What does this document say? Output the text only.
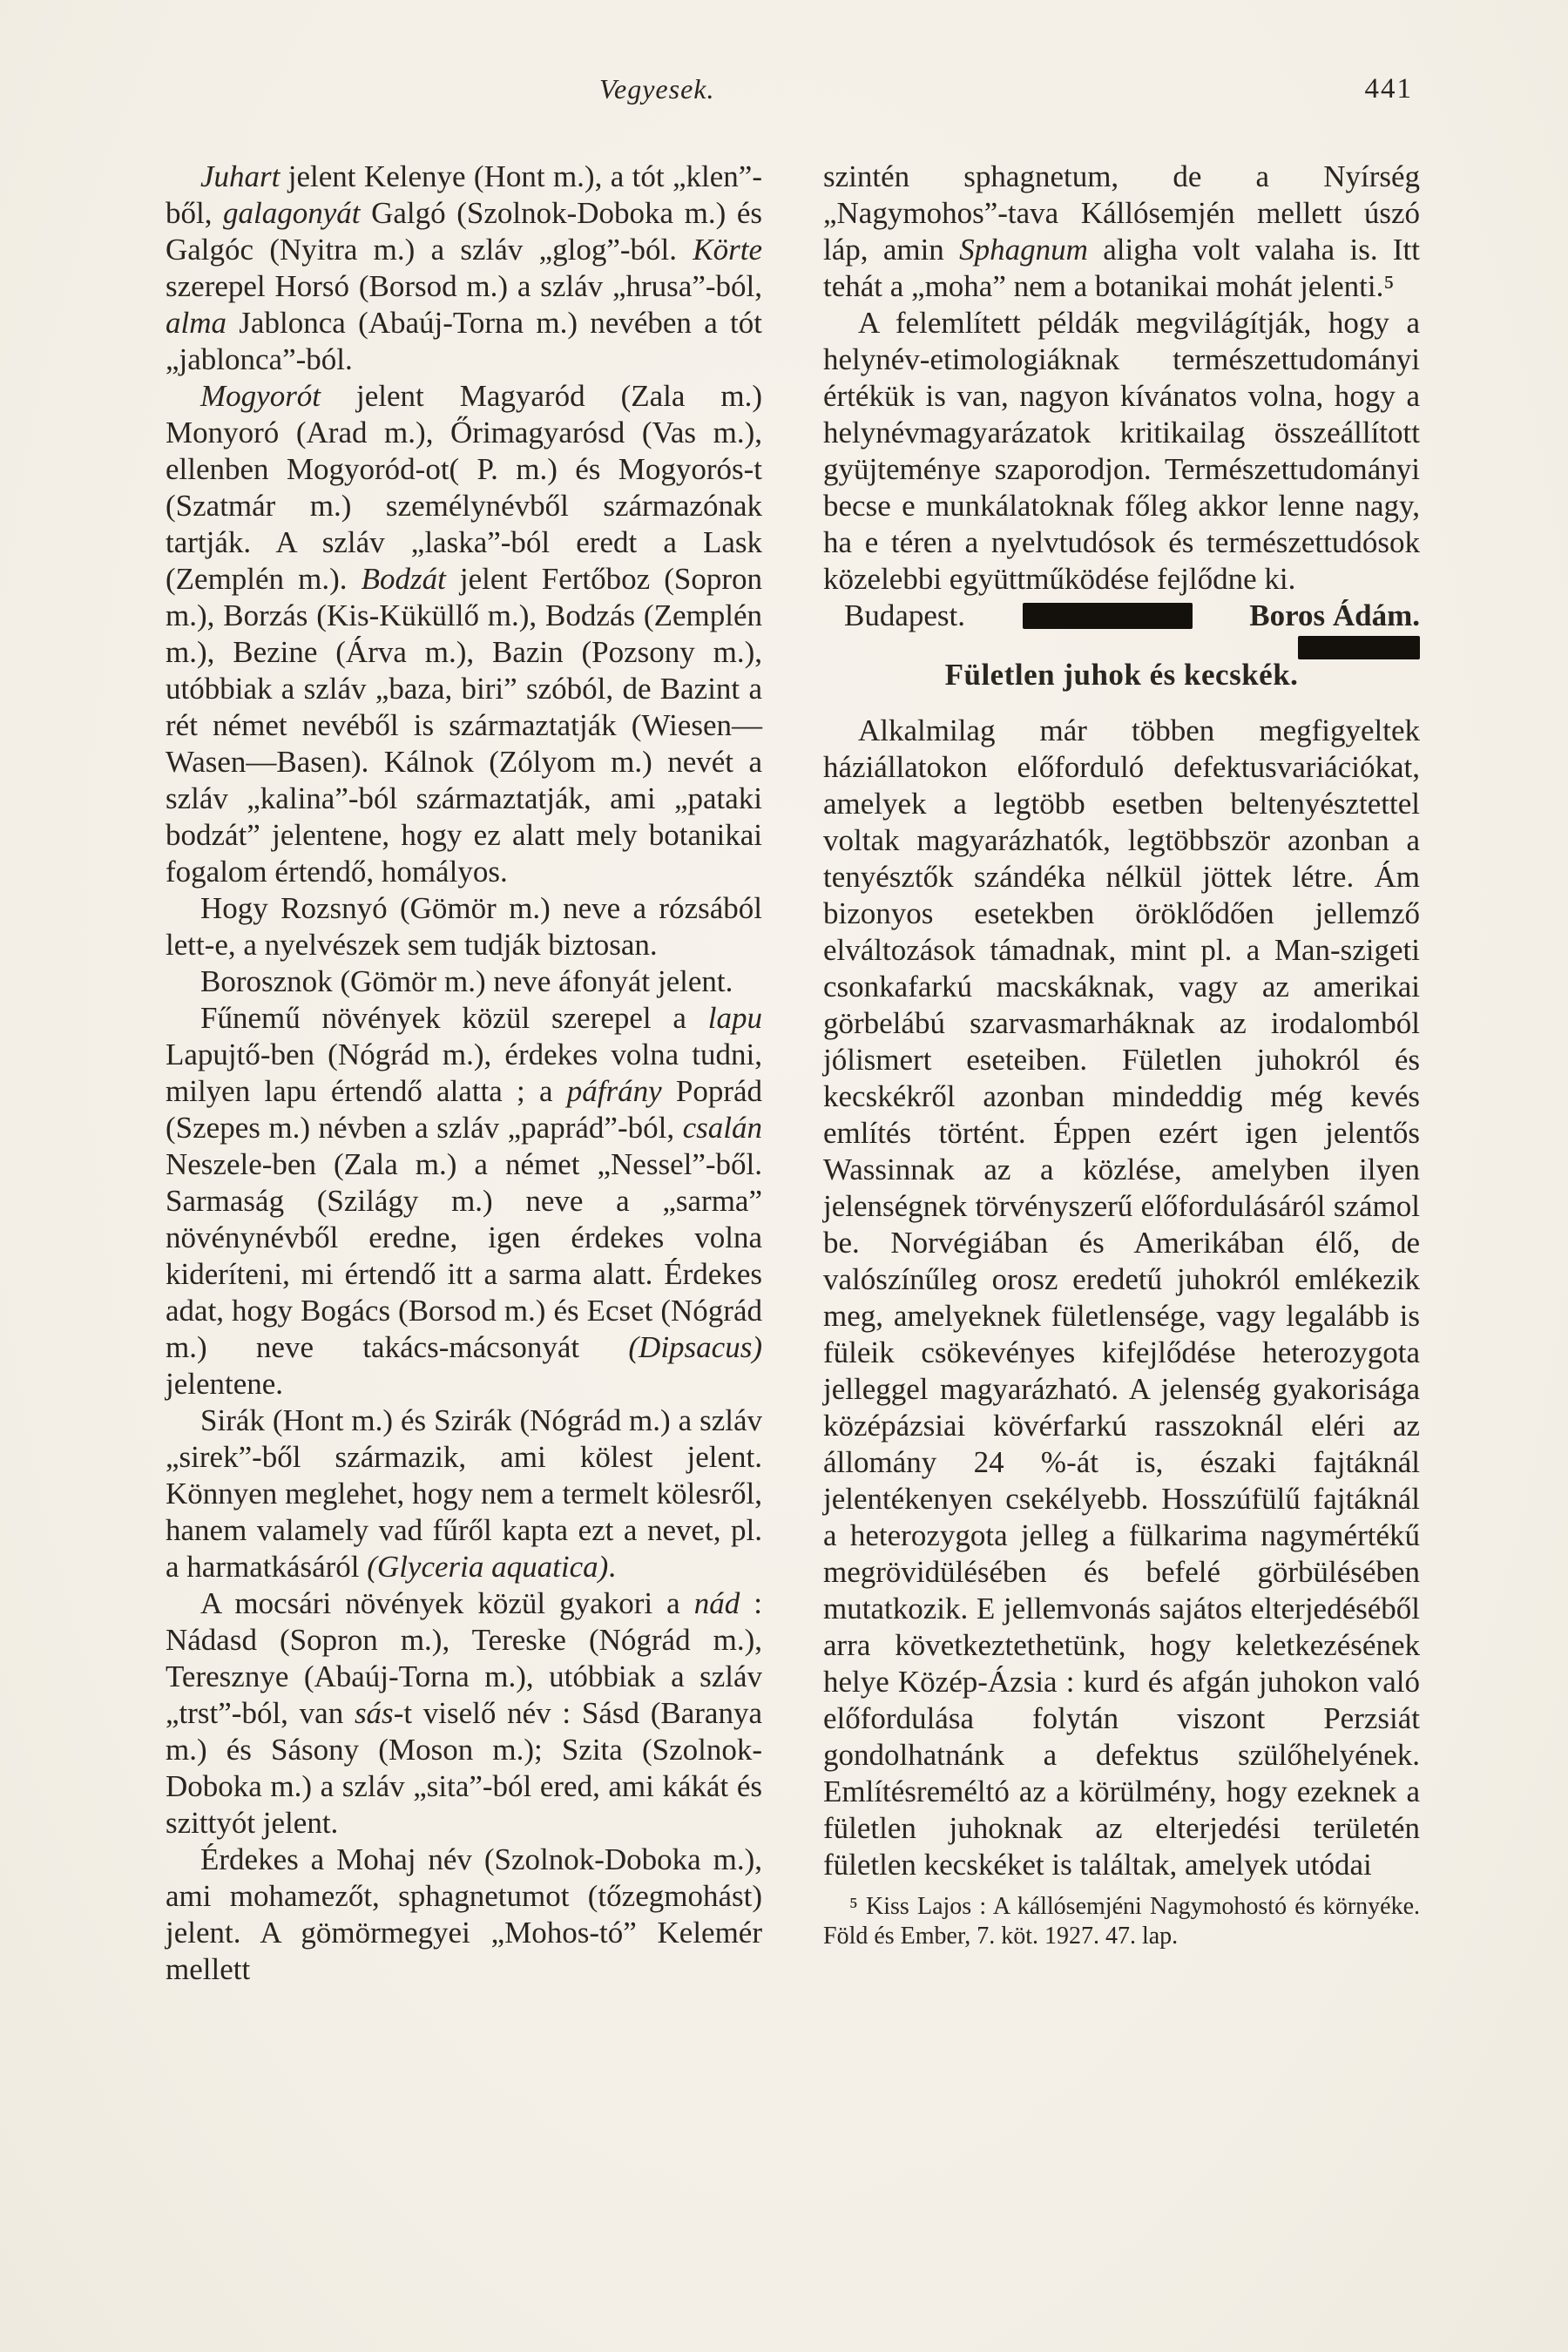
Vegyesek.	441

Juhart jelent Kelenye (Hont m.), a tót „klen”-ből, galagonyát Galgó (Szolnok-Doboka m.) és Galgóc (Nyitra m.) a szláv „glog”-ból. Körte szerepel Horsó (Borsod m.) a szláv „hrusa”-ból, alma Jablonca (Abaúj-Torna m.) nevében a tót „jablonca”-ból.

Mogyorót jelent Magyaród (Zala m.) Monyoró (Arad m.), Őrimagyarósd (Vas m.), ellenben Mogyoród-ot( P. m.) és Mogyorós-t (Szatmár m.) személynévből származónak tartják. A szláv „laska”-ból eredt a Lask (Zemplén m.). Bodzát jelent Fertőboz (Sopron m.), Borzás (Kis-Küküllő m.), Bodzás (Zemplén m.), Bezine (Árva m.), Bazin (Pozsony m.), utóbbiak a szláv „baza, biri” szóból, de Bazint a rét német nevéből is származtatják (Wiesen—Wasen—Basen). Kálnok (Zólyom m.) nevét a szláv „kalina”-ból származtatják, ami „pataki bodzát” jelentene, hogy ez alatt mely botanikai fogalom értendő, homályos.

Hogy Rozsnyó (Gömör m.) neve a rózsából lett-e, a nyelvészek sem tudják biztosan.

Borosznok (Gömör m.) neve áfonyát jelent.

Fűnemű növények közül szerepel a lapu Lapujtő-ben (Nógrád m.), érdekes volna tudni, milyen lapu értendő alatta ; a páfrány Poprád (Szepes m.) névben a szláv „paprád”-ból, csalán Neszele-ben (Zala m.) a német „Nessel”-ből. Sarmaság (Szilágy m.) neve a „sarma” növénynévből eredne, igen érdekes volna kideríteni, mi értendő itt a sarma alatt. Érdekes adat, hogy Bogács (Borsod m.) és Ecset (Nógrád m.) neve takács-mácsonyát (Dipsacus) jelentene.

Sirák (Hont m.) és Szirák (Nógrád m.) a szláv „sirek”-ből származik, ami kölest jelent. Könnyen meglehet, hogy nem a termelt kölesről, hanem valamely vad fűről kapta ezt a nevet, pl. a harmatkásáról (Glyceria aquatica).

A mocsári növények közül gyakori a nád : Nádasd (Sopron m.), Tereske (Nógrád m.), Teresznye (Abaúj-Torna m.), utóbbiak a szláv „trst”-ból, van sás-t viselő név : Sásd (Baranya m.) és Sásony (Moson m.); Szita (Szolnok-Doboka m.) a szláv „sita”-ból ered, ami kákát és szittyót jelent.

Érdekes a Mohaj név (Szolnok-Doboka m.), ami mohamezőt, sphagnetumot (tőzegmohást) jelent. A gömörmegyei „Mohos-tó” Kelemér mellett

szintén sphagnetum, de a Nyírség „Nagymohos”-tava Kállósemjén mellett úszó láp, amin Sphagnum aligha volt valaha is. Itt tehát a „moha” nem a botanikai mohát jelenti.⁵

A felemlített példák megvilágítják, hogy a helynév-etimologiáknak természettudományi értékük is van, nagyon kívánatos volna, hogy a helynévmagyarázatok kritikailag összeállított gyüjteménye szaporodjon. Természettudományi becse e munkálatoknak főleg akkor lenne nagy, ha e téren a nyelvtudósok és természettudósok közelebbi együttműködése fejlődne ki.

Budapest.	Boros Ádám.
Fületlen juhok és kecskék.

Alkalmilag már többen megfigyeltek háziállatokon előforduló defektusvariációkat, amelyek a legtöbb esetben beltenyésztettel voltak magyarázhatók, legtöbbször azonban a tenyésztők szándéka nélkül jöttek létre. Ám bizonyos esetekben öröklődően jellemző elváltozások támadnak, mint pl. a Man-szigeti csonkafarkú macskáknak, vagy az amerikai görbelábú szarvasmarháknak az irodalomból jólismert eseteiben. Fületlen juhokról és kecskékről azonban mindeddig még kevés említés történt. Éppen ezért igen jelentős Wassinnak az a közlése, amelyben ilyen jelenségnek törvényszerű előfordulásáról számol be. Norvégiában és Amerikában élő, de valószínűleg orosz eredetű juhokról emlékezik meg, amelyeknek fületlensége, vagy legalább is füleik csökevényes kifejlődése heterozygota jelleggel magyarázható. A jelenség gyakorisága középázsiai kövérfarkú rasszoknál eléri az állomány 24 %-át is, északi fajtáknál jelentékenyen csekélyebb. Hosszúfülű fajtáknál a heterozygota jelleg a fülkarima nagymértékű megrövidülésében és befelé görbülésében mutatkozik. E jellemvonás sajátos elterjedéséből arra következtethetünk, hogy keletkezésének helye Közép-Ázsia : kurd és afgán juhokon való előfordulása folytán viszont Perzsiát gondolhatnánk a defektus szülőhelyének. Említésreméltó az a körülmény, hogy ezeknek a fületlen juhoknak az elterjedési területén fületlen kecskéket is találtak, amelyek utódai

⁵ Kiss Lajos : A kállósemjéni Nagymohostó és környéke. Föld és Ember, 7. köt. 1927. 47. lap.
